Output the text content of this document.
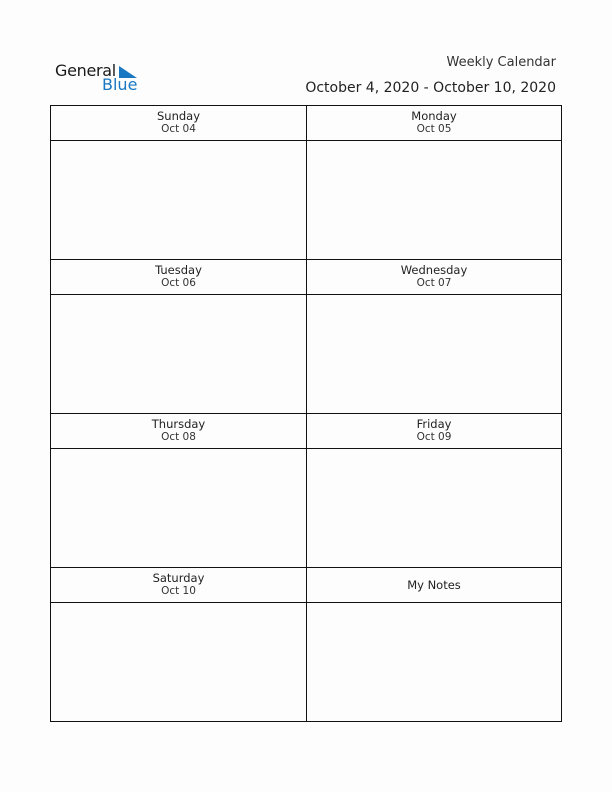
General
Blue
Weekly Calendar
October 4, 2020 - October 10, 2020
Sunday
Oct 04
Monday
Oct 05
Tuesday
Oct 06
Wednesday
Oct 07
Thursday
Oct 08
Friday
Oct 09
Saturday
Oct 10	My Notes
